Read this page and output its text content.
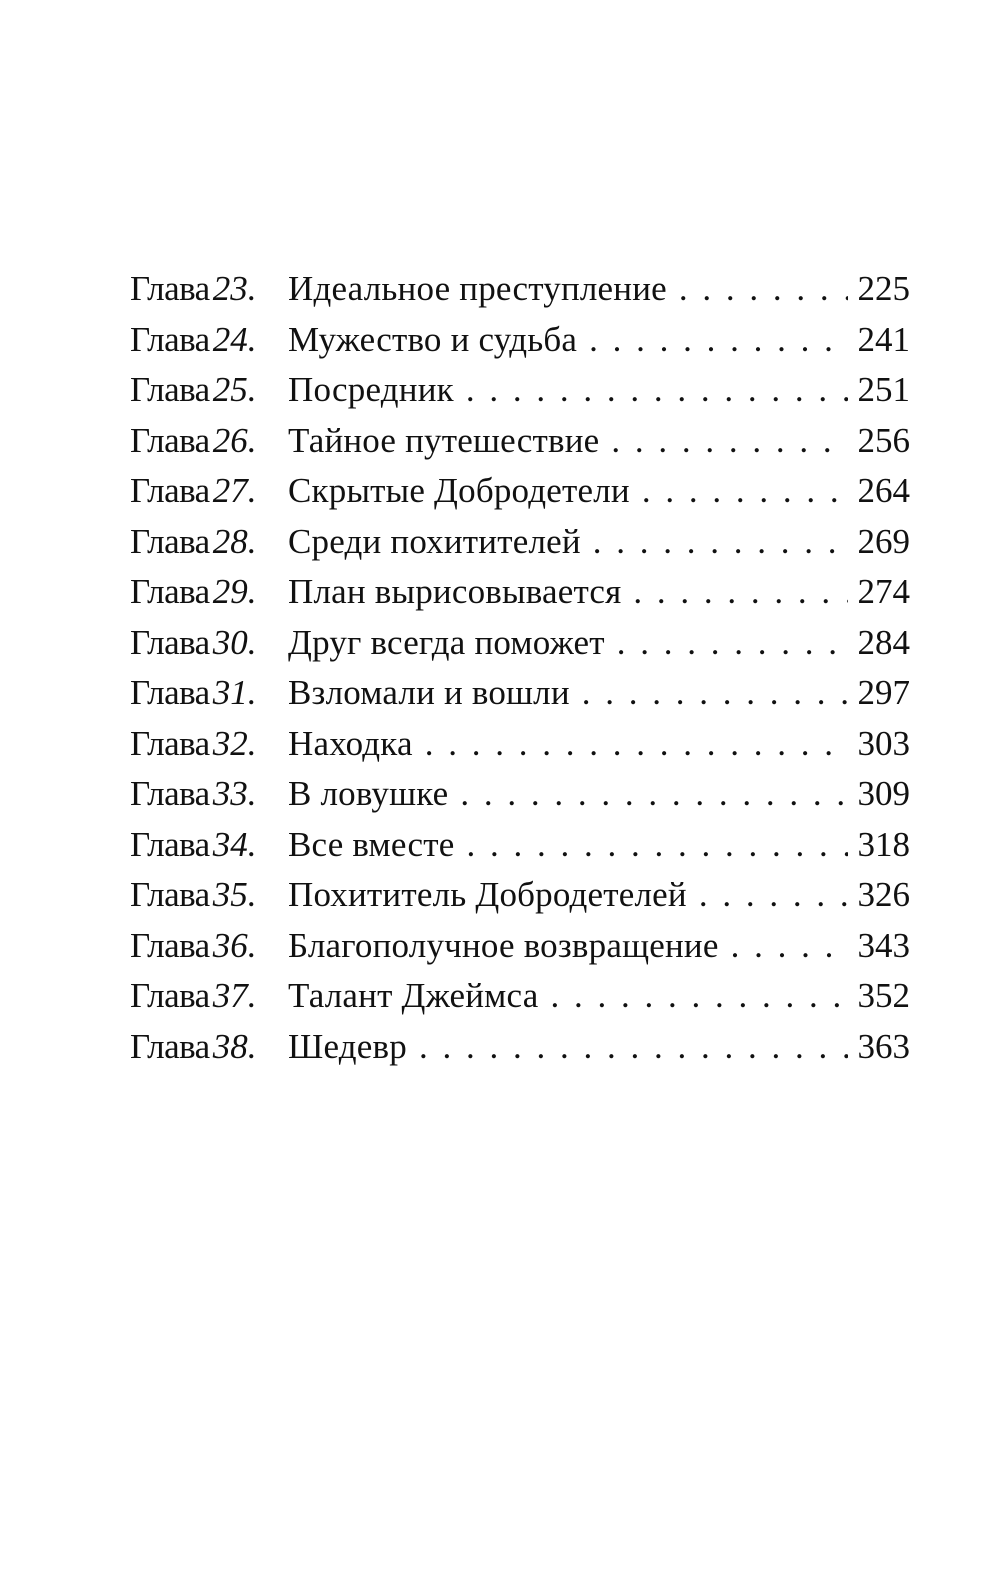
Глава23. Идеальное преступление . . .	225
Глава24. Мужество и судьба . . .	241
Глава25. Посредник . . .	251
Глава26. Тайное путешествие . . .	256
Глава27. Скрытые Добродетели . . .	264
Глава28. Среди похитителей . . .	269
Глава29. План вырисовывается . . .	274
Глава30. Друг всегда поможет . . .	284
Глава31. Взломали и вошли . . .	297
Глава32. Находка . . .	303
Глава33. В ловушке . . .	309
Глава34. Все вместе . . .	318
Глава35. Похититель Добродетелей . . .	326
Глава36. Благополучное возвращение . . .	343
Глава37. Талант Джеймса . . .	352
Глава38. Шедевр . . .	363
